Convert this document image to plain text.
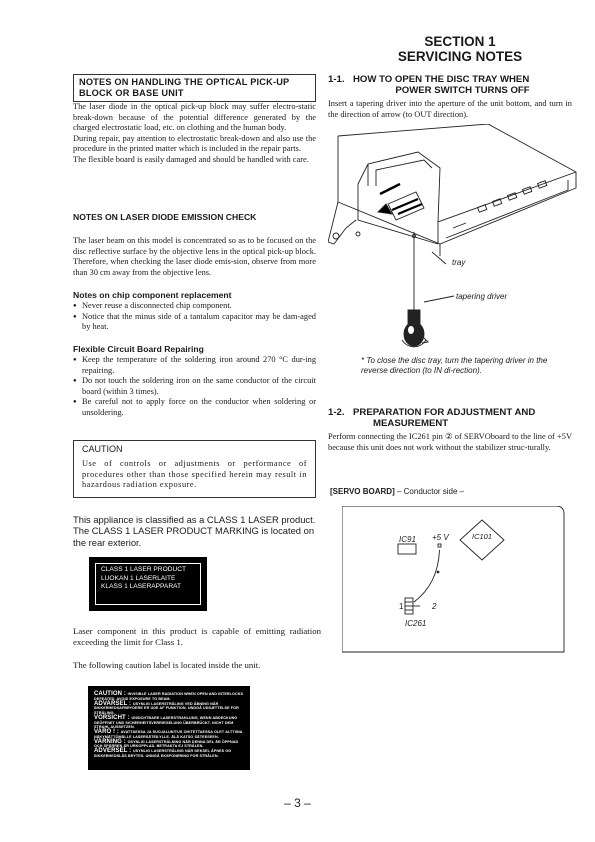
SECTION 1
SERVICING NOTES
NOTES ON HANDLING THE OPTICAL PICK-UP
BLOCK OR BASE UNIT

The laser diode in the optical pick-up block may suffer electro-static break-down because of the potential difference generated by the charged electrostatic load, etc. on clothing and the human body.

During repair, pay attention to electrostatic break-down and also use the procedure in the printed matter which is included in the repair parts.

The flexible board is easily damaged and should be handled with care.

NOTES ON LASER DIODE EMISSION CHECK
The laser beam on this model is concentrated so as to be focused on the disc reflective surface by the objective lens in the optical pick-up block. Therefore, when checking the laser diode emis-sion, observe from more than 30 cm away from the objective lens.
Notes on chip component replacement
● Never reuse a disconnected chip component.
● Notice that the minus side of a tantalum capacitor may be dam-aged by heat.
Flexible Circuit Board Repairing
● Keep the temperature of the soldering iron around 270 °C dur-ing repairing.
● Do not touch the soldering iron on the same conductor of the circuit board (within 3 times).
● Be careful not to apply force on the conductor when soldering or unsoldering.
CAUTION
Use of controls or adjustments or performance of procedures other than those specified herein may result in hazardous radiation exposure.
This appliance is classified as a CLASS 1 LASER product. The CLASS 1 LASER PRODUCT MARKING is located on the rear exterior.
CLASS 1 LASER PRODUCT
LUOKAN 1 LASERLAITE
KLASS 1 LASERAPPARAT
Laser component in this product is capable of emitting radiation exceeding the limit for Class 1.
The following caution label is located inside the unit.
CAUTION : INVISIBLE LASER RADIATION WHEN OPEN AND INTERLOCKS DEFEATED. AVOID EXPOSURE TO BEAM.
ADVARSEL : USYNLIG LASERSTRÅLING VED ÅBNING NÅR SIKKERHEDSAFBRYDERE ER UDE AF FUNKTION. UNDGÅ UDSÆTTELSE FOR STRÅLING.
VORSICHT : UNSICHTBARE LASERSTRAHLUNG, WENN ABDECKUNG GEÖFFNET UND SICHERHEITSVERRIEGELUNG ÜBERBRÜCKT. NICHT DEM STRAHL AUSSETZEN.
VARO ! : AVATTAESSA JA SUOJALUKITUS OHITETTAESSA OLET ALTTIINA NÄKYMÄTTÖMÄLLE LASERSÄTEILYLLE. ÄLÄ KATSO SÄTEESEEN.
VARNING : OSYNLIG LASERSTRÅLNING NÄR DENNA DEL ÄR ÖPPNAD OCH SPÄRREN ÄR URKOPPLAD. BETRAKTA EJ STRÅLEN.
ADVERSEL : USYNLIG LASERSTRÅLING NÅR DEKSEL ÅPNES OG SIKKERHEDSLÅS BRYTES. UNNGÅ EKSPONERING FOR STRÅLEN.
1-1. HOW TO OPEN THE DISC TRAY WHEN
POWER SWITCH TURNS OFF
Insert a tapering driver into the aperture of the unit bottom, and turn in the direction of arrow (to OUT direction).
tray
tapering driver
* To close the disc tray, turn the tapering driver in the reverse direction (to IN di-rection).
1-2. PREPARATION FOR ADJUSTMENT AND
MEASUREMENT
Perform connecting the IC261 pin ② of SERVOboard to the line of +5V because this unit does not work without the stabilizer struc-turally.
[SERVO BOARD] – Conductor side –
IC91 +5 V	IC101
1	2
IC261
– 3 –
